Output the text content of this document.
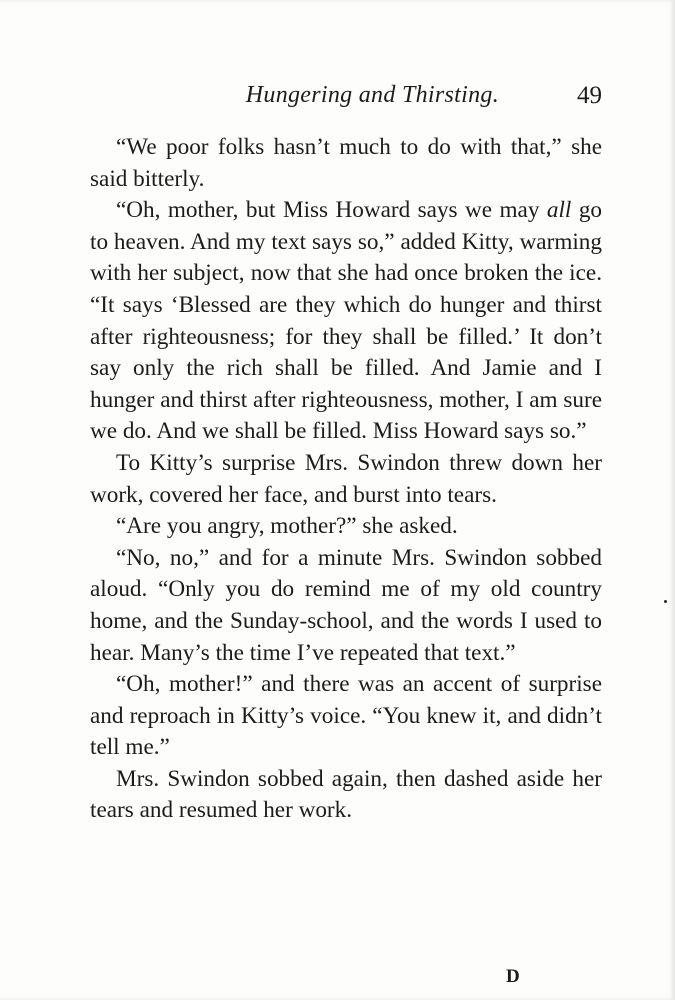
Hungering and Thirsting.	49

“We poor folks hasn’t much to do with that,” she said bitterly.

“Oh, mother, but Miss Howard says we may all go to heaven. And my text says so,” added Kitty, warming with her subject, now that she had once broken the ice. “It says ‘Blessed are they which do hunger and thirst after righteousness; for they shall be filled.’ It don’t say only the rich shall be filled. And Jamie and I hunger and thirst after righteousness, mother, I am sure we do. And we shall be filled. Miss Howard says so.”

To Kitty’s surprise Mrs. Swindon threw down her work, covered her face, and burst into tears.

“Are you angry, mother?” she asked.

“No, no,” and for a minute Mrs. Swindon sobbed aloud. “Only you do remind me of my old country home, and the Sunday-school, and the words I used to hear. Many’s the time I’ve repeated that text.”

“Oh, mother!” and there was an accent of surprise and reproach in Kitty’s voice. “You knew it, and didn’t tell me.”

Mrs. Swindon sobbed again, then dashed aside her tears and resumed her work.

D
